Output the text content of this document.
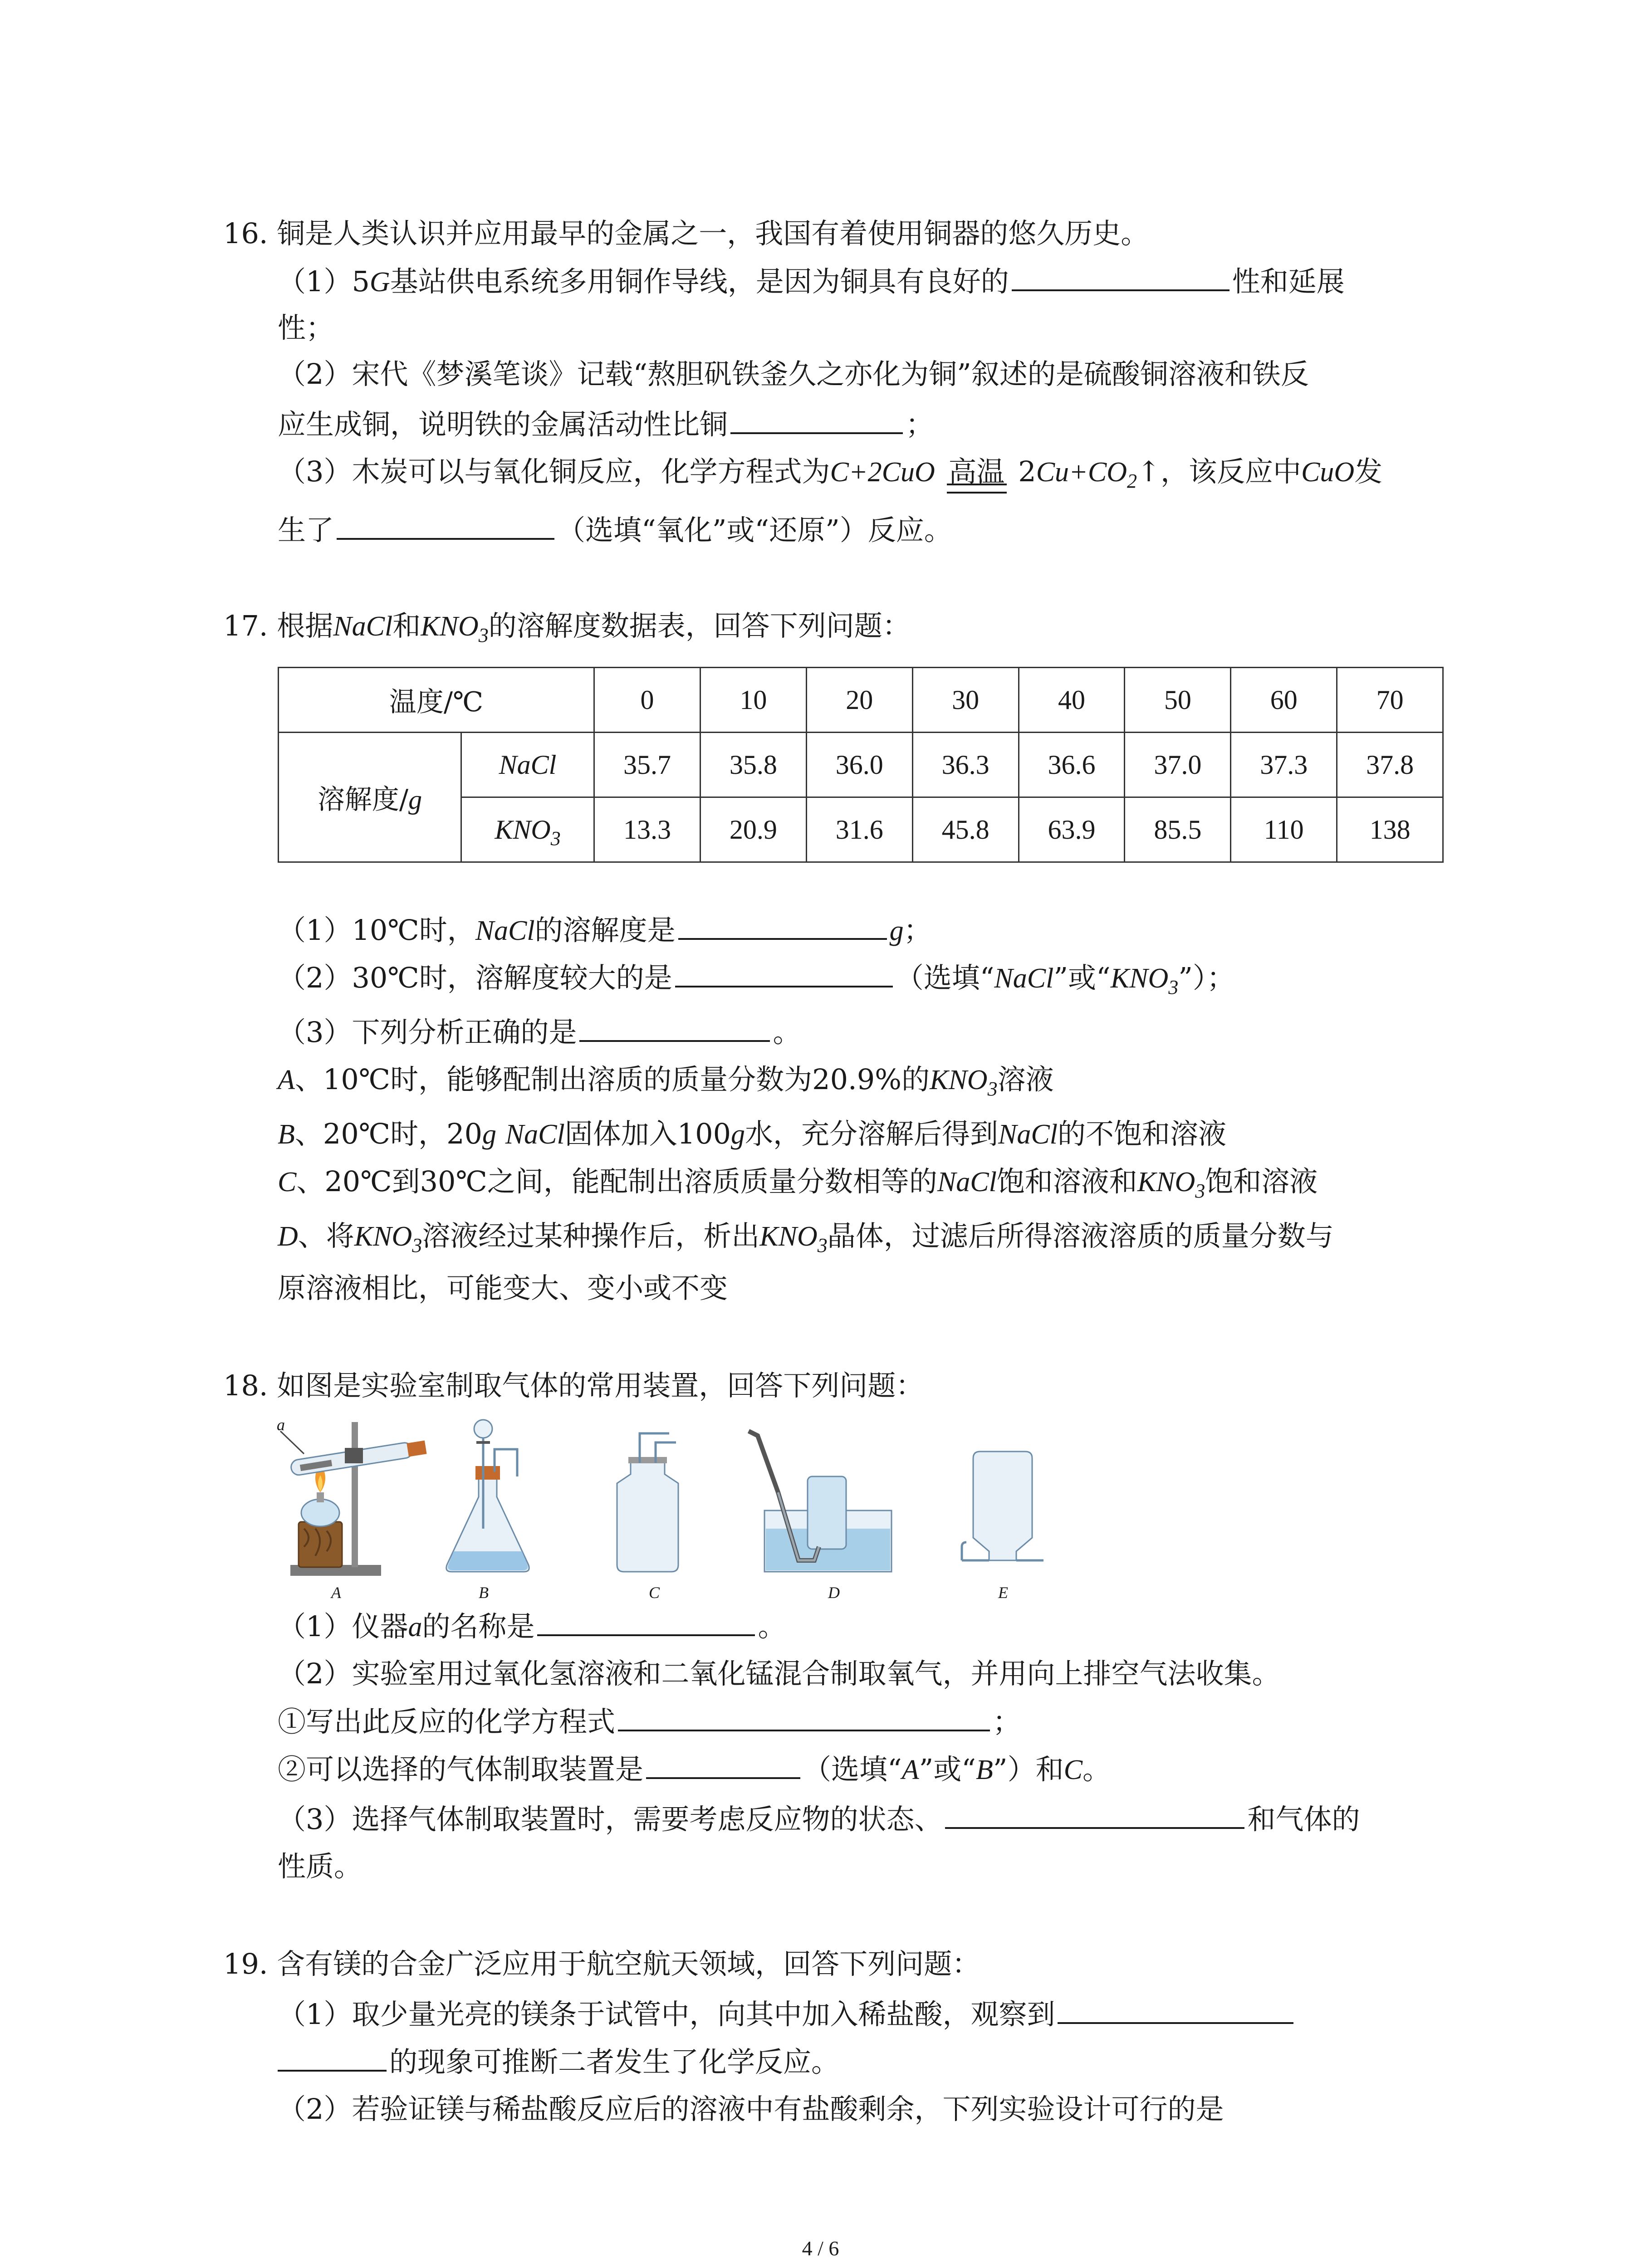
16. 铜是人类认识并应用最早的金属之一，我国有着使用铜器的悠久历史。
（1）5G基站供电系统多用铜作导线，是因为铜具有良好的	性和延展
性；
（2）宋代《梦溪笔谈》记载“熬胆矾铁釜久之亦化为铜”叙述的是硫酸铜溶液和铁反
应生成铜，说明铁的金属活动性比铜	；
（3）木炭可以与氧化铜反应，化学方程式为C+2CuO 高温 $2Cu+CO_2↑$，该反应中CuO发
生了	（选填“氧化”或“还原”）反应。
17. 根据NaCl和$KNO_3$的溶解度数据表，回答下列问题：
温度/℃		0	10	20	30	40	50	60	70
溶解度/g	NaCl	35.7	35.8	36.0	36.3	36.6	37.0	37.3	37.8
	$KNO_3$	13.3	20.9	31.6	45.8	63.9	85.5	110	138
（1）10℃时，NaCl的溶解度是	g；
（2）30℃时，溶解度较大的是	（选填“NaCl”或“$KNO_3$”）；
（3）下列分析正确的是	。
A、10℃时，能够配制出溶质的质量分数为20.9%的$KNO_3$溶液
B、20℃时，20g NaCl固体加入100g水，充分溶解后得到NaCl的不饱和溶液
C、20℃到30℃之间，能配制出溶质质量分数相等的NaCl饱和溶液和$KNO_3$饱和溶液
D、将$KNO_3$溶液经过某种操作后，析出$KNO_3$晶体，过滤后所得溶液溶质的质量分数与
原溶液相比，可能变大、变小或不变
18. 如图是实验室制取气体的常用装置，回答下列问题：
a
A	B	C	D	E
（1）仪器a的名称是	。
（2）实验室用过氧化氢溶液和二氧化锰混合制取氧气，并用向上排空气法收集。
①写出此反应的化学方程式	；
②可以选择的气体制取装置是	（选填“A”或“B”）和C。
（3）选择气体制取装置时，需要考虑反应物的状态、	和气体的
性质。
19. 含有镁的合金广泛应用于航空航天领域，回答下列问题：
（1）取少量光亮的镁条于试管中，向其中加入稀盐酸，观察到
的现象可推断二者发生了化学反应。
（2）若验证镁与稀盐酸反应后的溶液中有盐酸剩余，下列实验设计可行的是
4 / 6
